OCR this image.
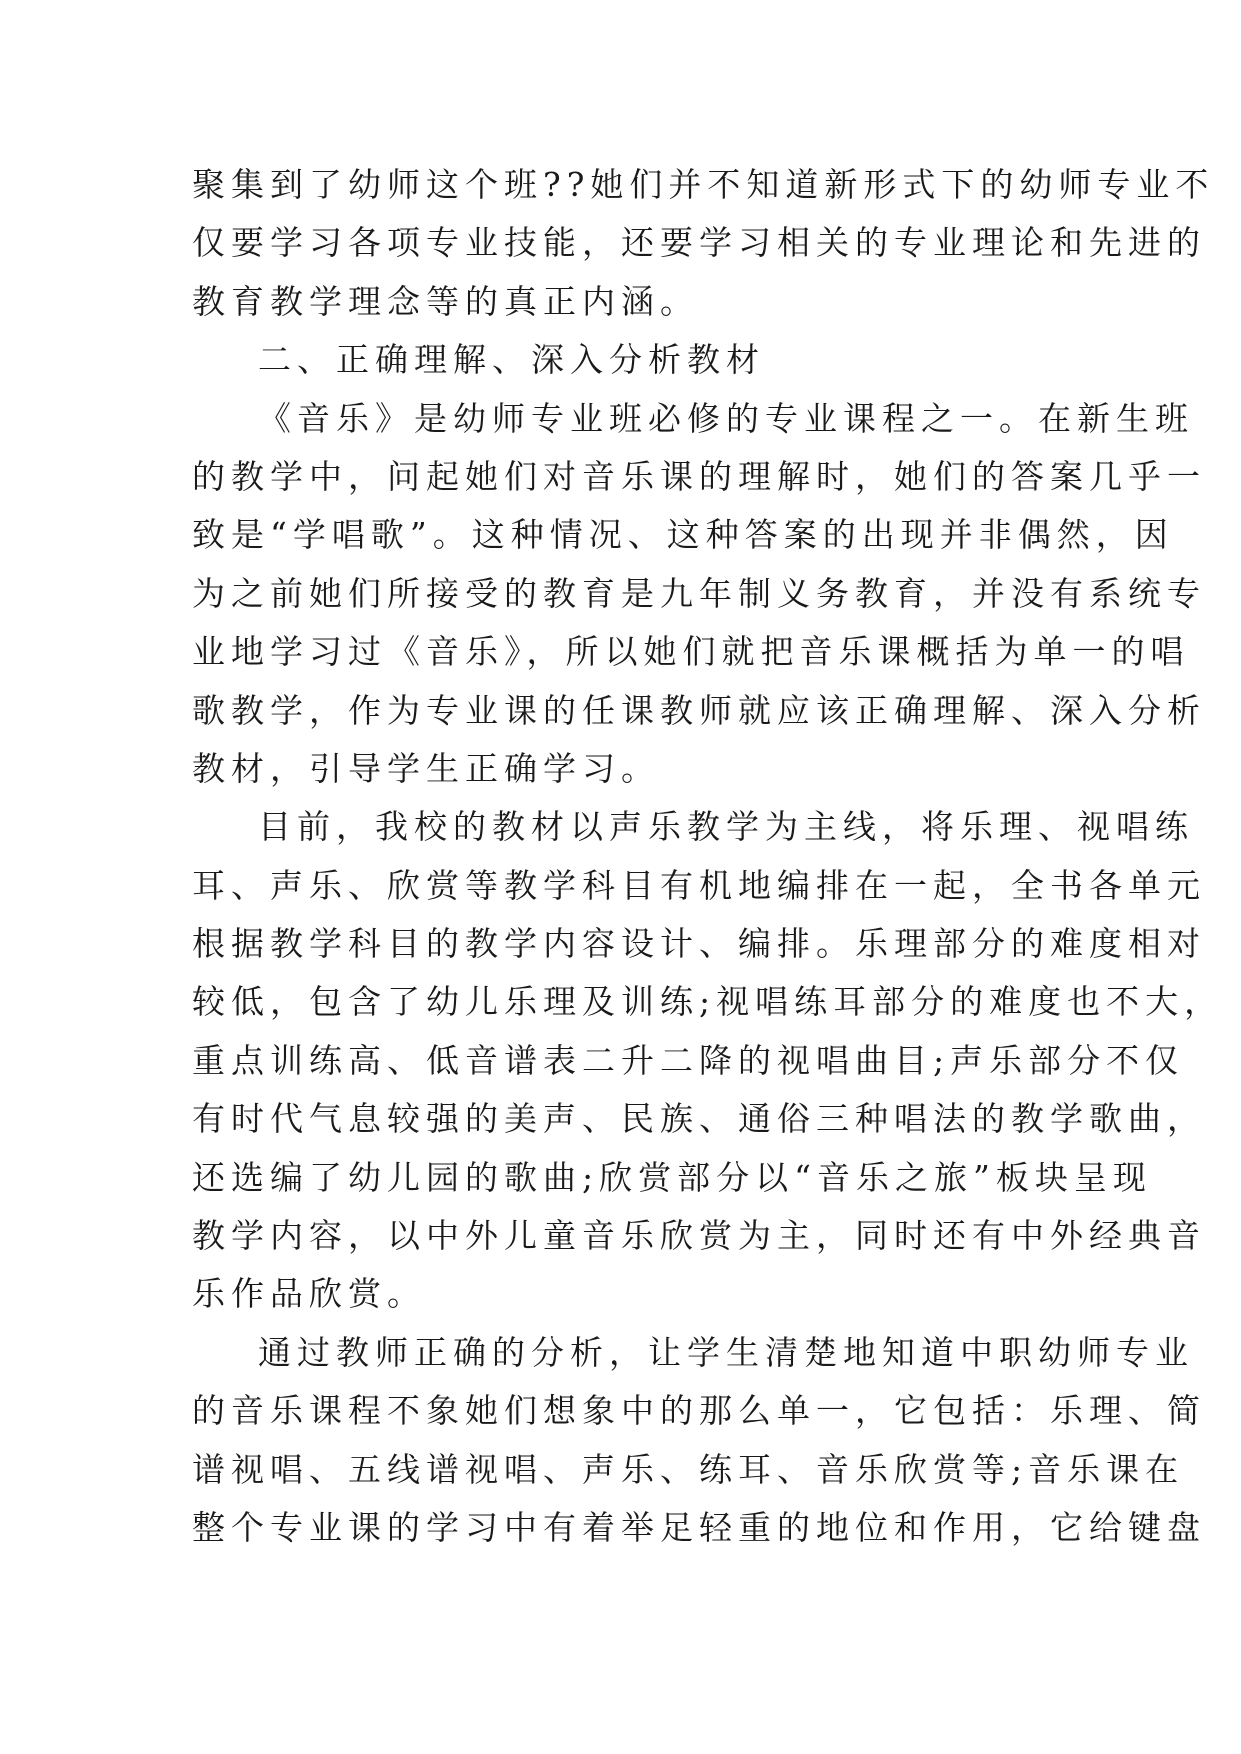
聚集到了幼师这个班??她们并不知道新形式下的幼师专业不
仅要学习各项专业技能，还要学习相关的专业理论和先进的
教育教学理念等的真正内涵。
二、正确理解、深入分析教材
《音乐》是幼师专业班必修的专业课程之一。在新生班
的教学中，问起她们对音乐课的理解时，她们的答案几乎一
致是“学唱歌”。这种情况、这种答案的出现并非偶然，因
为之前她们所接受的教育是九年制义务教育，并没有系统专
业地学习过《音乐》，所以她们就把音乐课概括为单一的唱
歌教学，作为专业课的任课教师就应该正确理解、深入分析
教材，引导学生正确学习。
目前，我校的教材以声乐教学为主线，将乐理、视唱练
耳、声乐、欣赏等教学科目有机地编排在一起，全书各单元
根据教学科目的教学内容设计、编排。乐理部分的难度相对
较低，包含了幼儿乐理及训练;视唱练耳部分的难度也不大，
重点训练高、低音谱表二升二降的视唱曲目;声乐部分不仅
有时代气息较强的美声、民族、通俗三种唱法的教学歌曲，
还选编了幼儿园的歌曲;欣赏部分以“音乐之旅”板块呈现
教学内容，以中外儿童音乐欣赏为主，同时还有中外经典音
乐作品欣赏。
通过教师正确的分析，让学生清楚地知道中职幼师专业
的音乐课程不象她们想象中的那么单一，它包括：乐理、简
谱视唱、五线谱视唱、声乐、练耳、音乐欣赏等;音乐课在
整个专业课的学习中有着举足轻重的地位和作用，它给键盘
